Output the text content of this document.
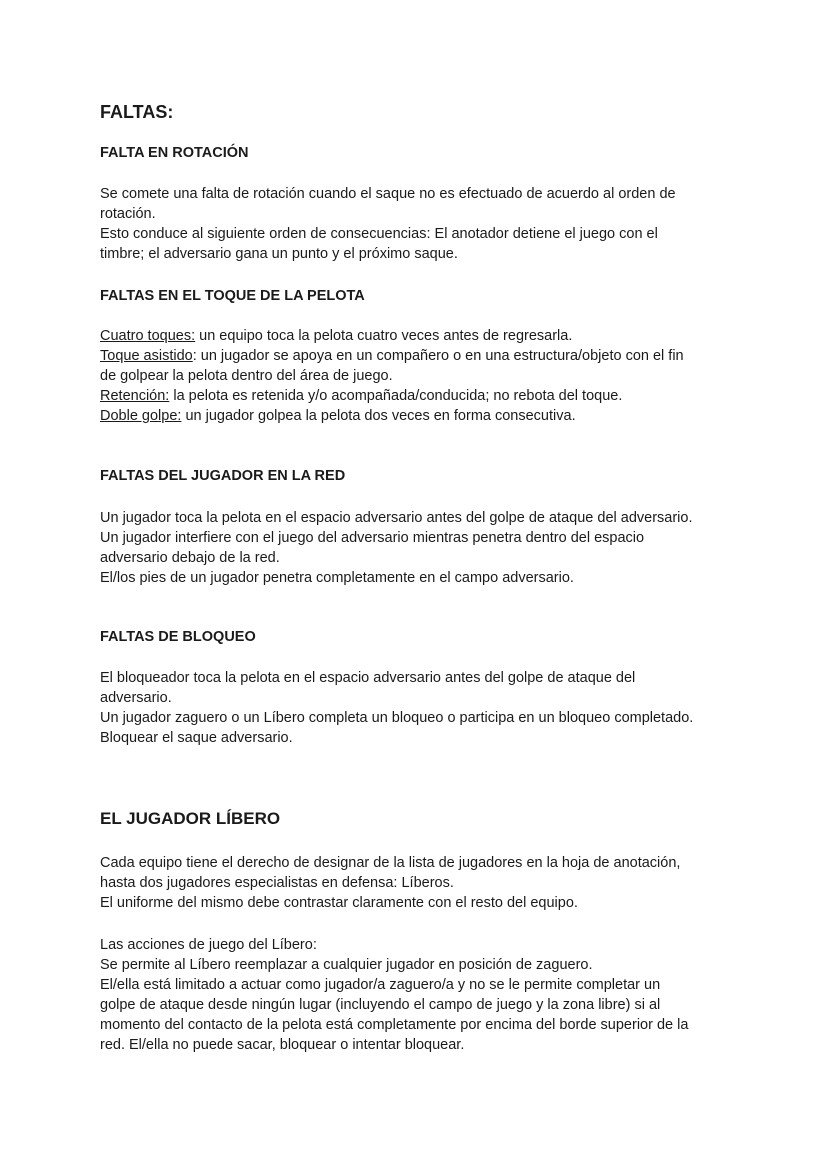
FALTAS:
FALTA EN ROTACIÓN
Se comete una falta de rotación cuando el saque no es efectuado de acuerdo al orden de
rotación.
Esto conduce al siguiente orden de consecuencias: El anotador detiene el juego con el
timbre; el adversario gana un punto y el próximo saque.
FALTAS EN EL TOQUE DE LA PELOTA
Cuatro toques: un equipo toca la pelota cuatro veces antes de regresarla.
Toque asistido: un jugador se apoya en un compañero o en una estructura/objeto con el fin
de golpear la pelota dentro del área de juego.
Retención: la pelota es retenida y/o acompañada/conducida; no rebota del toque.
Doble golpe: un jugador golpea la pelota dos veces en forma consecutiva.
FALTAS DEL JUGADOR EN LA RED
Un jugador toca la pelota en el espacio adversario antes del golpe de ataque del adversario.
Un jugador interfiere con el juego del adversario mientras penetra dentro del espacio
adversario debajo de la red.
El/los pies de un jugador penetra completamente en el campo adversario.
FALTAS DE BLOQUEO
El bloqueador toca la pelota en el espacio adversario antes del golpe de ataque del
adversario.
Un jugador zaguero o un Líbero completa un bloqueo o participa en un bloqueo completado.
Bloquear el saque adversario.
EL JUGADOR LÍBERO
Cada equipo tiene el derecho de designar de la lista de jugadores en la hoja de anotación,
hasta dos jugadores especialistas en defensa: Líberos.
El uniforme del mismo debe contrastar claramente con el resto del equipo.
Las acciones de juego del Líbero:
Se permite al Líbero reemplazar a cualquier jugador en posición de zaguero.
El/ella está limitado a actuar como jugador/a zaguero/a y no se le permite completar un
golpe de ataque desde ningún lugar (incluyendo el campo de juego y la zona libre) si al
momento del contacto de la pelota está completamente por encima del borde superior de la
red. El/ella no puede sacar, bloquear o intentar bloquear.
